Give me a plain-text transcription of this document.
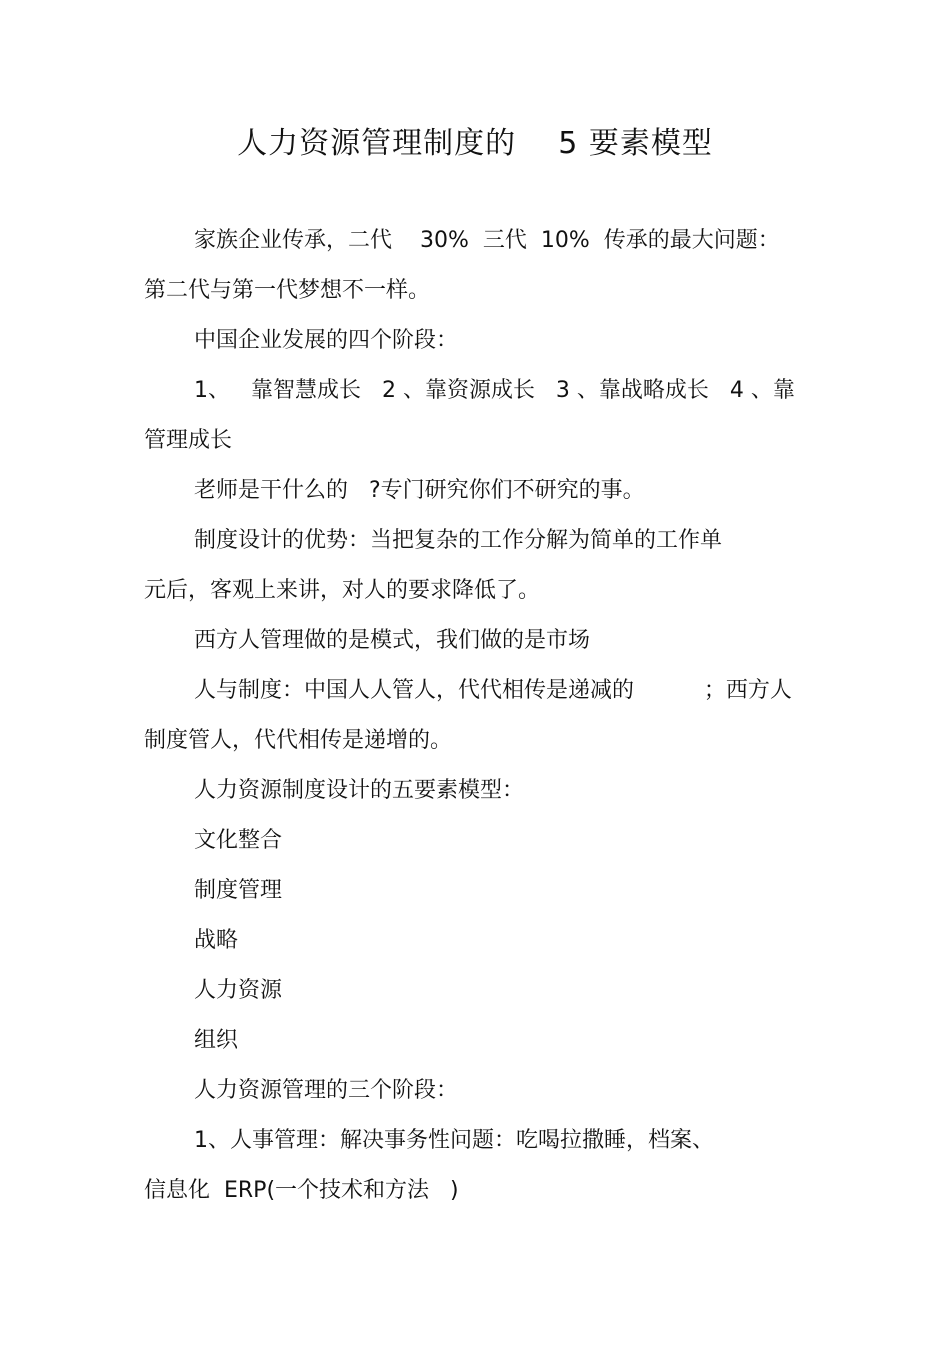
人力资源管理制度的    5 要素模型

家族企业传承，二代    30%  三代  10%  传承的最大问题：

第二代与第一代梦想不一样。

中国企业发展的四个阶段：

1、   靠智慧成长   2 、靠资源成长   3 、靠战略成长   4 、靠

管理成长

老师是干什么的   ?专门研究你们不研究的事。

制度设计的优势：当把复杂的工作分解为简单的工作单

元后，客观上来讲，对人的要求降低了。

西方人管理做的是模式，我们做的是市场

人与制度：中国人人管人，代代相传是递减的          ；西方人

制度管人，代代相传是递增的。

人力资源制度设计的五要素模型：

文化整合

制度管理

战略

人力资源

组织

人力资源管理的三个阶段：

1、人事管理：解决事务性问题：吃喝拉撒睡，档案、

信息化  ERP(一个技术和方法   )
